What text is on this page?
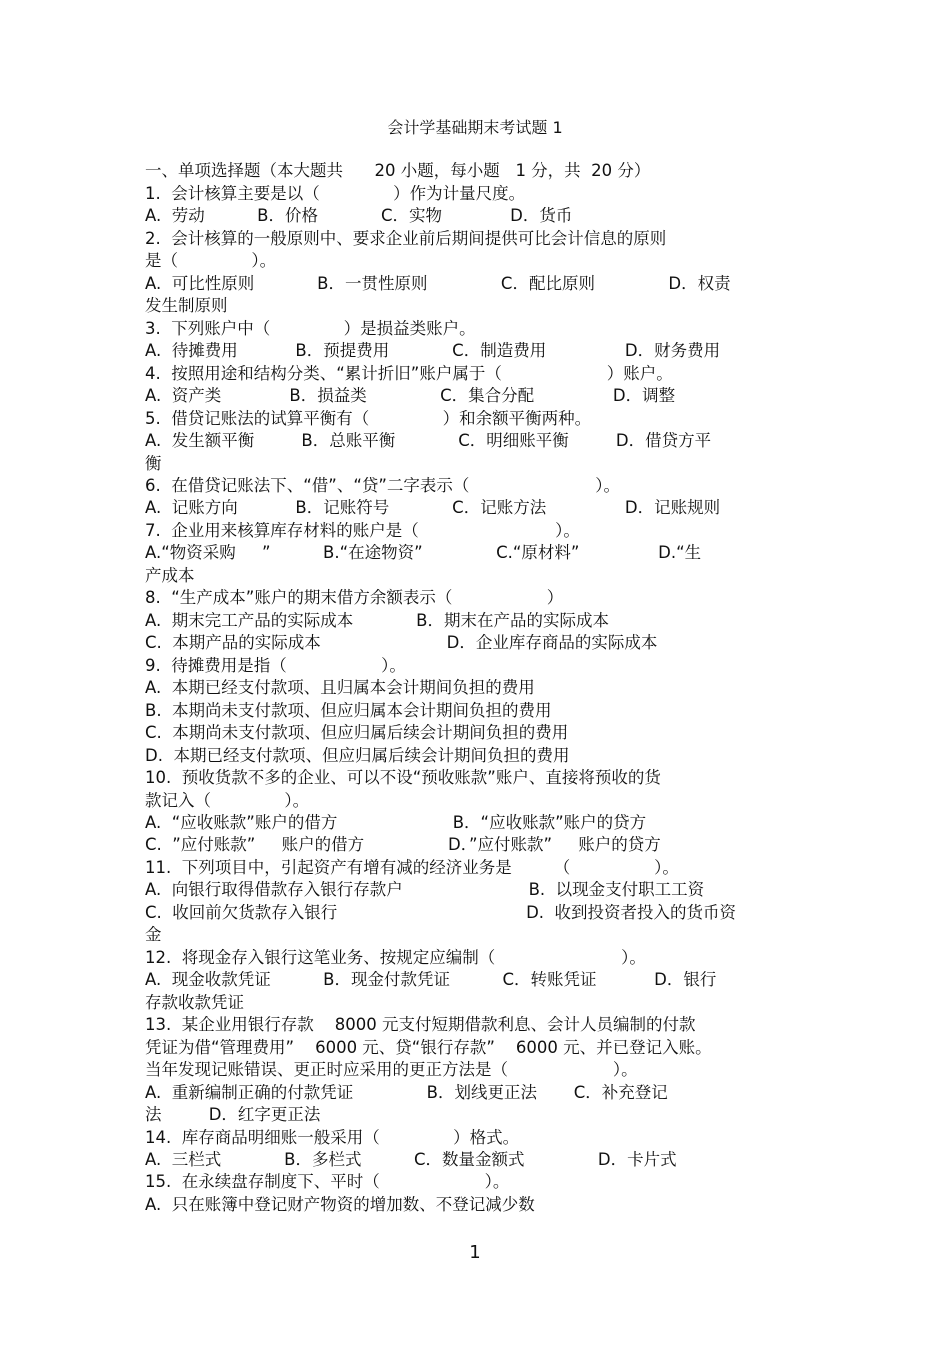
会计学基础期末考试题 1
一、单项选择题（本大题共      20 小题，每小题   1 分，共  20 分）
1.  会计核算主要是以（              ）作为计量尺度。
A.  劳动          B．价格            C．实物             D．货币
2.  会计核算的一般原则中、要求企业前后期间提供可比会计信息的原则
是（              ）。
A.  可比性原则            B．一贯性原则              C．配比原则              D．权责
发生制原则
3.  下列账户中（              ）是损益类账户。
A.  待摊费用           B．预提费用            C．制造费用               D．财务费用
4.  按照用途和结构分类、“累计折旧”账户属于（                    ）账户。
A.  资产类             B．损益类              C．集合分配               D．调整
5.  借贷记账法的试算平衡有（              ）和余额平衡两种。
A.  发生额平衡         B．总账平衡            C．明细账平衡         D．借贷方平
衡
6.  在借贷记账法下、“借”、“贷”二字表示（                        ）。
A.  记账方向           B．记账符号            C．记账方法               D．记账规则
7.  企业用来核算库存材料的账户是（                          ）。
A.“物资采购     ”          B.“在途物资”              C.“原材料”               D.“生
产成本
8.  “生产成本”账户的期末借方余额表示（                  ）
A.  期末完工产品的实际成本            B．期末在产品的实际成本
C.  本期产品的实际成本                        D．企业库存商品的实际成本
9.  待摊费用是指（                  ）。
A.  本期已经支付款项、且归属本会计期间负担的费用
B.  本期尚未支付款项、但应归属本会计期间负担的费用
C.  本期尚未支付款项、但应归属后续会计期间负担的费用
D.  本期已经支付款项、但应归属后续会计期间负担的费用
10.  预收货款不多的企业、可以不设“预收账款”账户、直接将预收的货
款记入（              ）。
A.  “应收账款”账户的借方                      B．“应收账款”账户的贷方
C.  ”应付账款”     账户的借方                D．”应付账款”     账户的贷方
11.  下列项目中，引起资产有增有减的经济业务是        （                ）。
A.  向银行取得借款存入银行存款户                        B.  以现金支付职工工资
C.  收回前欠货款存入银行                                    D.  收到投资者投入的货币资
金
12.  将现金存入银行这笔业务、按规定应编制（                        ）。
A.  现金收款凭证          B．现金付款凭证          C．转账凭证           D．银行
存款收款凭证
13.  某企业用银行存款    8000 元支付短期借款利息、会计人员编制的付款
凭证为借“管理费用”    6000 元、贷“银行存款”    6000 元、并已登记入账。
当年发现记账错误、更正时应采用的更正方法是（                    ）。
A.  重新编制正确的付款凭证              B．划线更正法       C．补充登记
法         D．红字更正法
14.  库存商品明细账一般采用（              ）格式。
A.  三栏式            B．多栏式          C．数量金额式              D．卡片式
15.  在永续盘存制度下、平时（                    ）。
A.  只在账簿中登记财产物资的增加数、不登记减少数
1
